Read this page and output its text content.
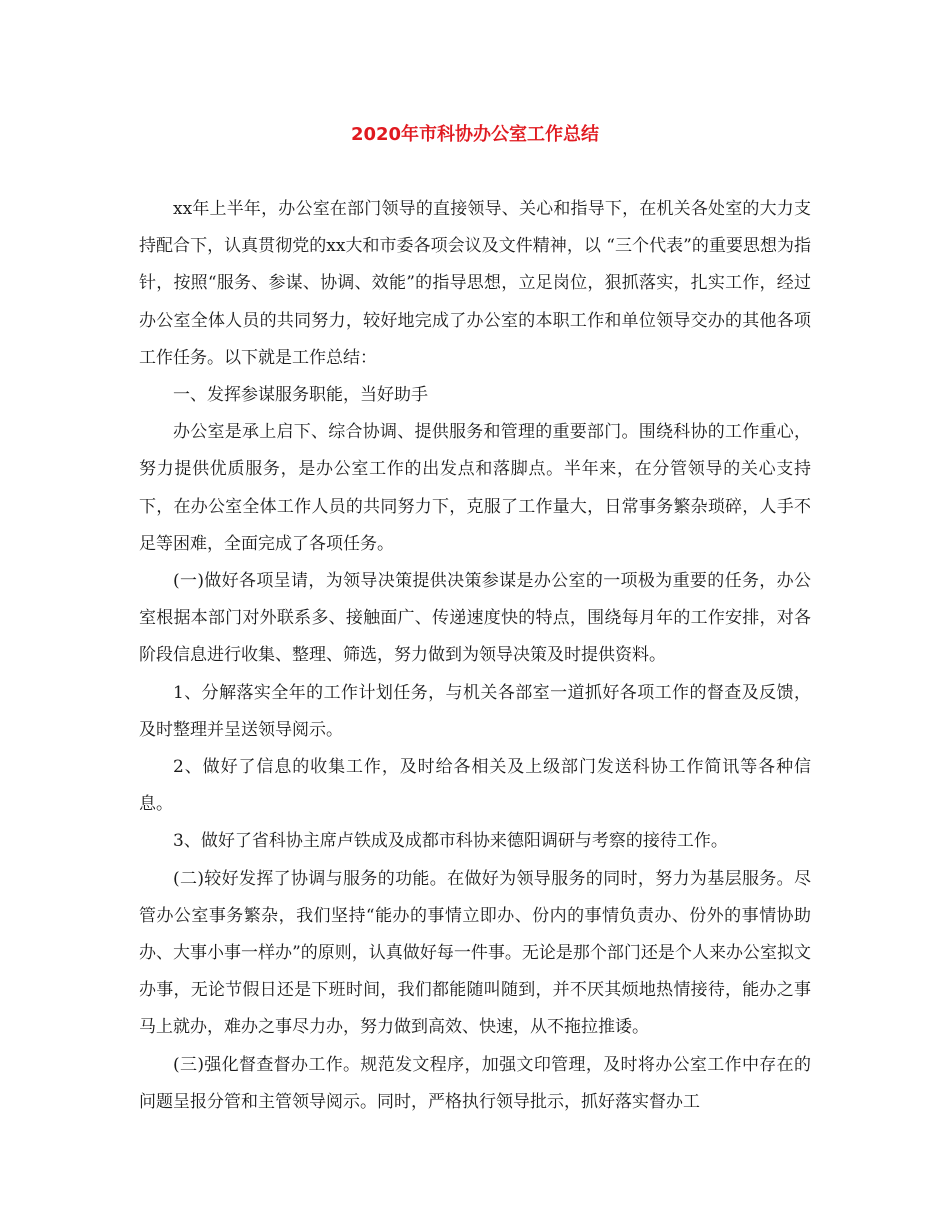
2020年市科协办公室工作总结

xx年上半年，办公室在部门领导的直接领导、关心和指导下，在机关各处室的大力支持配合下，认真贯彻党的xx大和市委各项会议及文件精神，以 “三个代表”的重要思想为指针，按照“服务、参谋、协调、效能”的指导思想，立足岗位，狠抓落实，扎实工作，经过办公室全体人员的共同努力，较好地完成了办公室的本职工作和单位领导交办的其他各项工作任务。以下就是工作总结：

一、发挥参谋服务职能，当好助手

办公室是承上启下、综合协调、提供服务和管理的重要部门。围绕科协的工作重心，努力提供优质服务，是办公室工作的出发点和落脚点。半年来，在分管领导的关心支持下，在办公室全体工作人员的共同努力下，克服了工作量大，日常事务繁杂琐碎，人手不足等困难，全面完成了各项任务。

(一)做好各项呈请，为领导决策提供决策参谋是办公室的一项极为重要的任务，办公室根据本部门对外联系多、接触面广、传递速度快的特点，围绕每月年的工作安排，对各阶段信息进行收集、整理、筛选，努力做到为领导决策及时提供资料。

1、分解落实全年的工作计划任务，与机关各部室一道抓好各项工作的督查及反馈，及时整理并呈送领导阅示。

2、做好了信息的收集工作，及时给各相关及上级部门发送科协工作简讯等各种信息。

3、做好了省科协主席卢铁成及成都市科协来德阳调研与考察的接待工作。

(二)较好发挥了协调与服务的功能。在做好为领导服务的同时，努力为基层服务。尽管办公室事务繁杂，我们坚持“能办的事情立即办、份内的事情负责办、份外的事情协助办、大事小事一样办”的原则，认真做好每一件事。无论是那个部门还是个人来办公室拟文办事，无论节假日还是下班时间，我们都能随叫随到，并不厌其烦地热情接待，能办之事马上就办，难办之事尽力办，努力做到高效、快速，从不拖拉推诿。

(三)强化督查督办工作。规范发文程序，加强文印管理，及时将办公室工作中存在的问题呈报分管和主管领导阅示。同时，严格执行领导批示，抓好落实督办工
